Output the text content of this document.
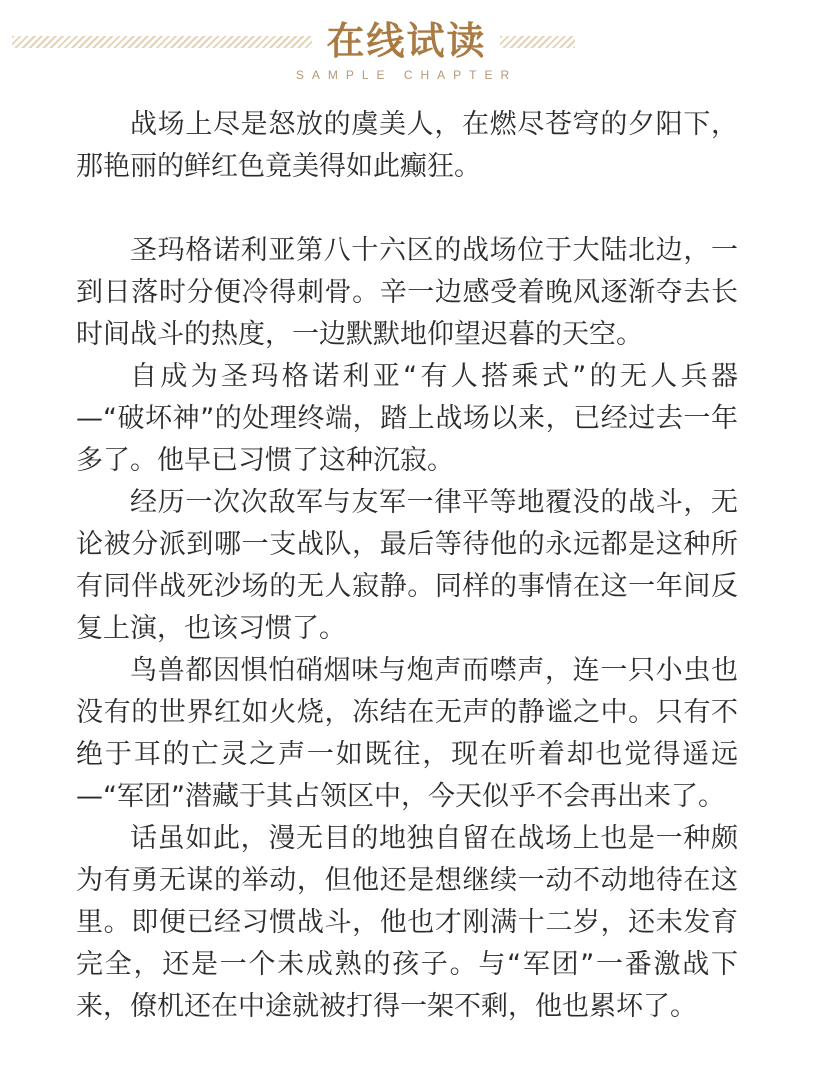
在线试读
SAMPLE CHAPTER

战场上尽是怒放的虞美人，在燃尽苍穹的夕阳下，那艳丽的鲜红色竟美得如此癫狂。

圣玛格诺利亚第八十六区的战场位于大陆北边，一到日落时分便冷得刺骨。辛一边感受着晚风逐渐夺去长时间战斗的热度，一边默默地仰望迟暮的天空。

自成为圣玛格诺利亚“有人搭乘式”的无人兵器—“破坏神”的处理终端，踏上战场以来，已经过去一年多了。他早已习惯了这种沉寂。

经历一次次敌军与友军一律平等地覆没的战斗，无论被分派到哪一支战队，最后等待他的永远都是这种所有同伴战死沙场的无人寂静。同样的事情在这一年间反复上演，也该习惯了。

鸟兽都因惧怕硝烟味与炮声而噤声，连一只小虫也没有的世界红如火烧，冻结在无声的静谧之中。只有不绝于耳的亡灵之声一如既往，现在听着却也觉得遥远—“军团”潜藏于其占领区中，今天似乎不会再出来了。

话虽如此，漫无目的地独自留在战场上也是一种颇为有勇无谋的举动，但他还是想继续一动不动地待在这里。即便已经习惯战斗，他也才刚满十二岁，还未发育完全，还是一个未成熟的孩子。与“军团”一番激战下来，僚机还在中途就被打得一架不剩，他也累坏了。
